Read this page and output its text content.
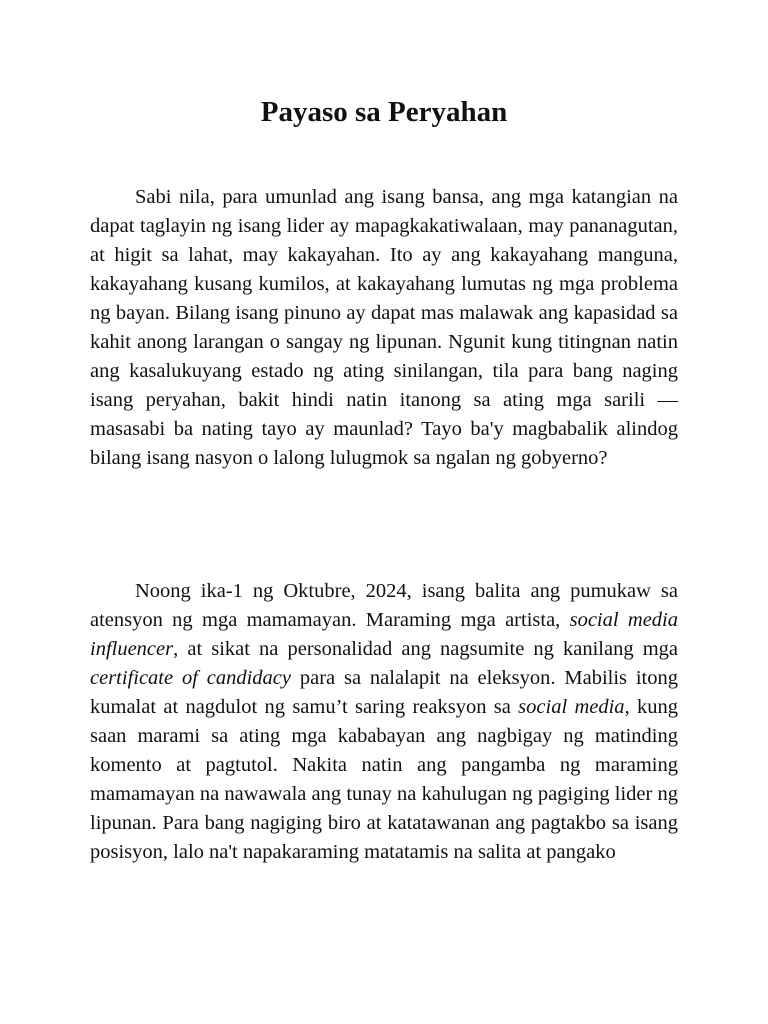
Payaso sa Peryahan

Sabi nila, para umunlad ang isang bansa, ang mga katangian na dapat taglayin ng isang lider ay mapagkakatiwalaan, may pananagutan, at higit sa lahat, may kakayahan. Ito ay ang kakayahang manguna, kakayahang kusang kumilos, at kakayahang lumutas ng mga problema ng bayan. Bilang isang pinuno ay dapat mas malawak ang kapasidad sa kahit anong larangan o sangay ng lipunan. Ngunit kung titingnan natin ang kasalukuyang estado ng ating sinilangan, tila para bang naging isang peryahan, bakit hindi natin itanong sa ating mga sarili — masasabi ba nating tayo ay maunlad? Tayo ba'y magbabalik alindog bilang isang nasyon o lalong lulugmok sa ngalan ng gobyerno?

Noong ika-1 ng Oktubre, 2024, isang balita ang pumukaw sa atensyon ng mga mamamayan. Maraming mga artista, social media influencer, at sikat na personalidad ang nagsumite ng kanilang mga certificate of candidacy para sa nalalapit na eleksyon. Mabilis itong kumalat at nagdulot ng samu’t saring reaksyon sa social media, kung saan marami sa ating mga kababayan ang nagbigay ng matinding komento at pagtutol. Nakita natin ang pangamba ng maraming mamamayan na nawawala ang tunay na kahulugan ng pagiging lider ng lipunan. Para bang nagiging biro at katatawanan ang pagtakbo sa isang posisyon, lalo na't napakaraming matatamis na salita at pangako
